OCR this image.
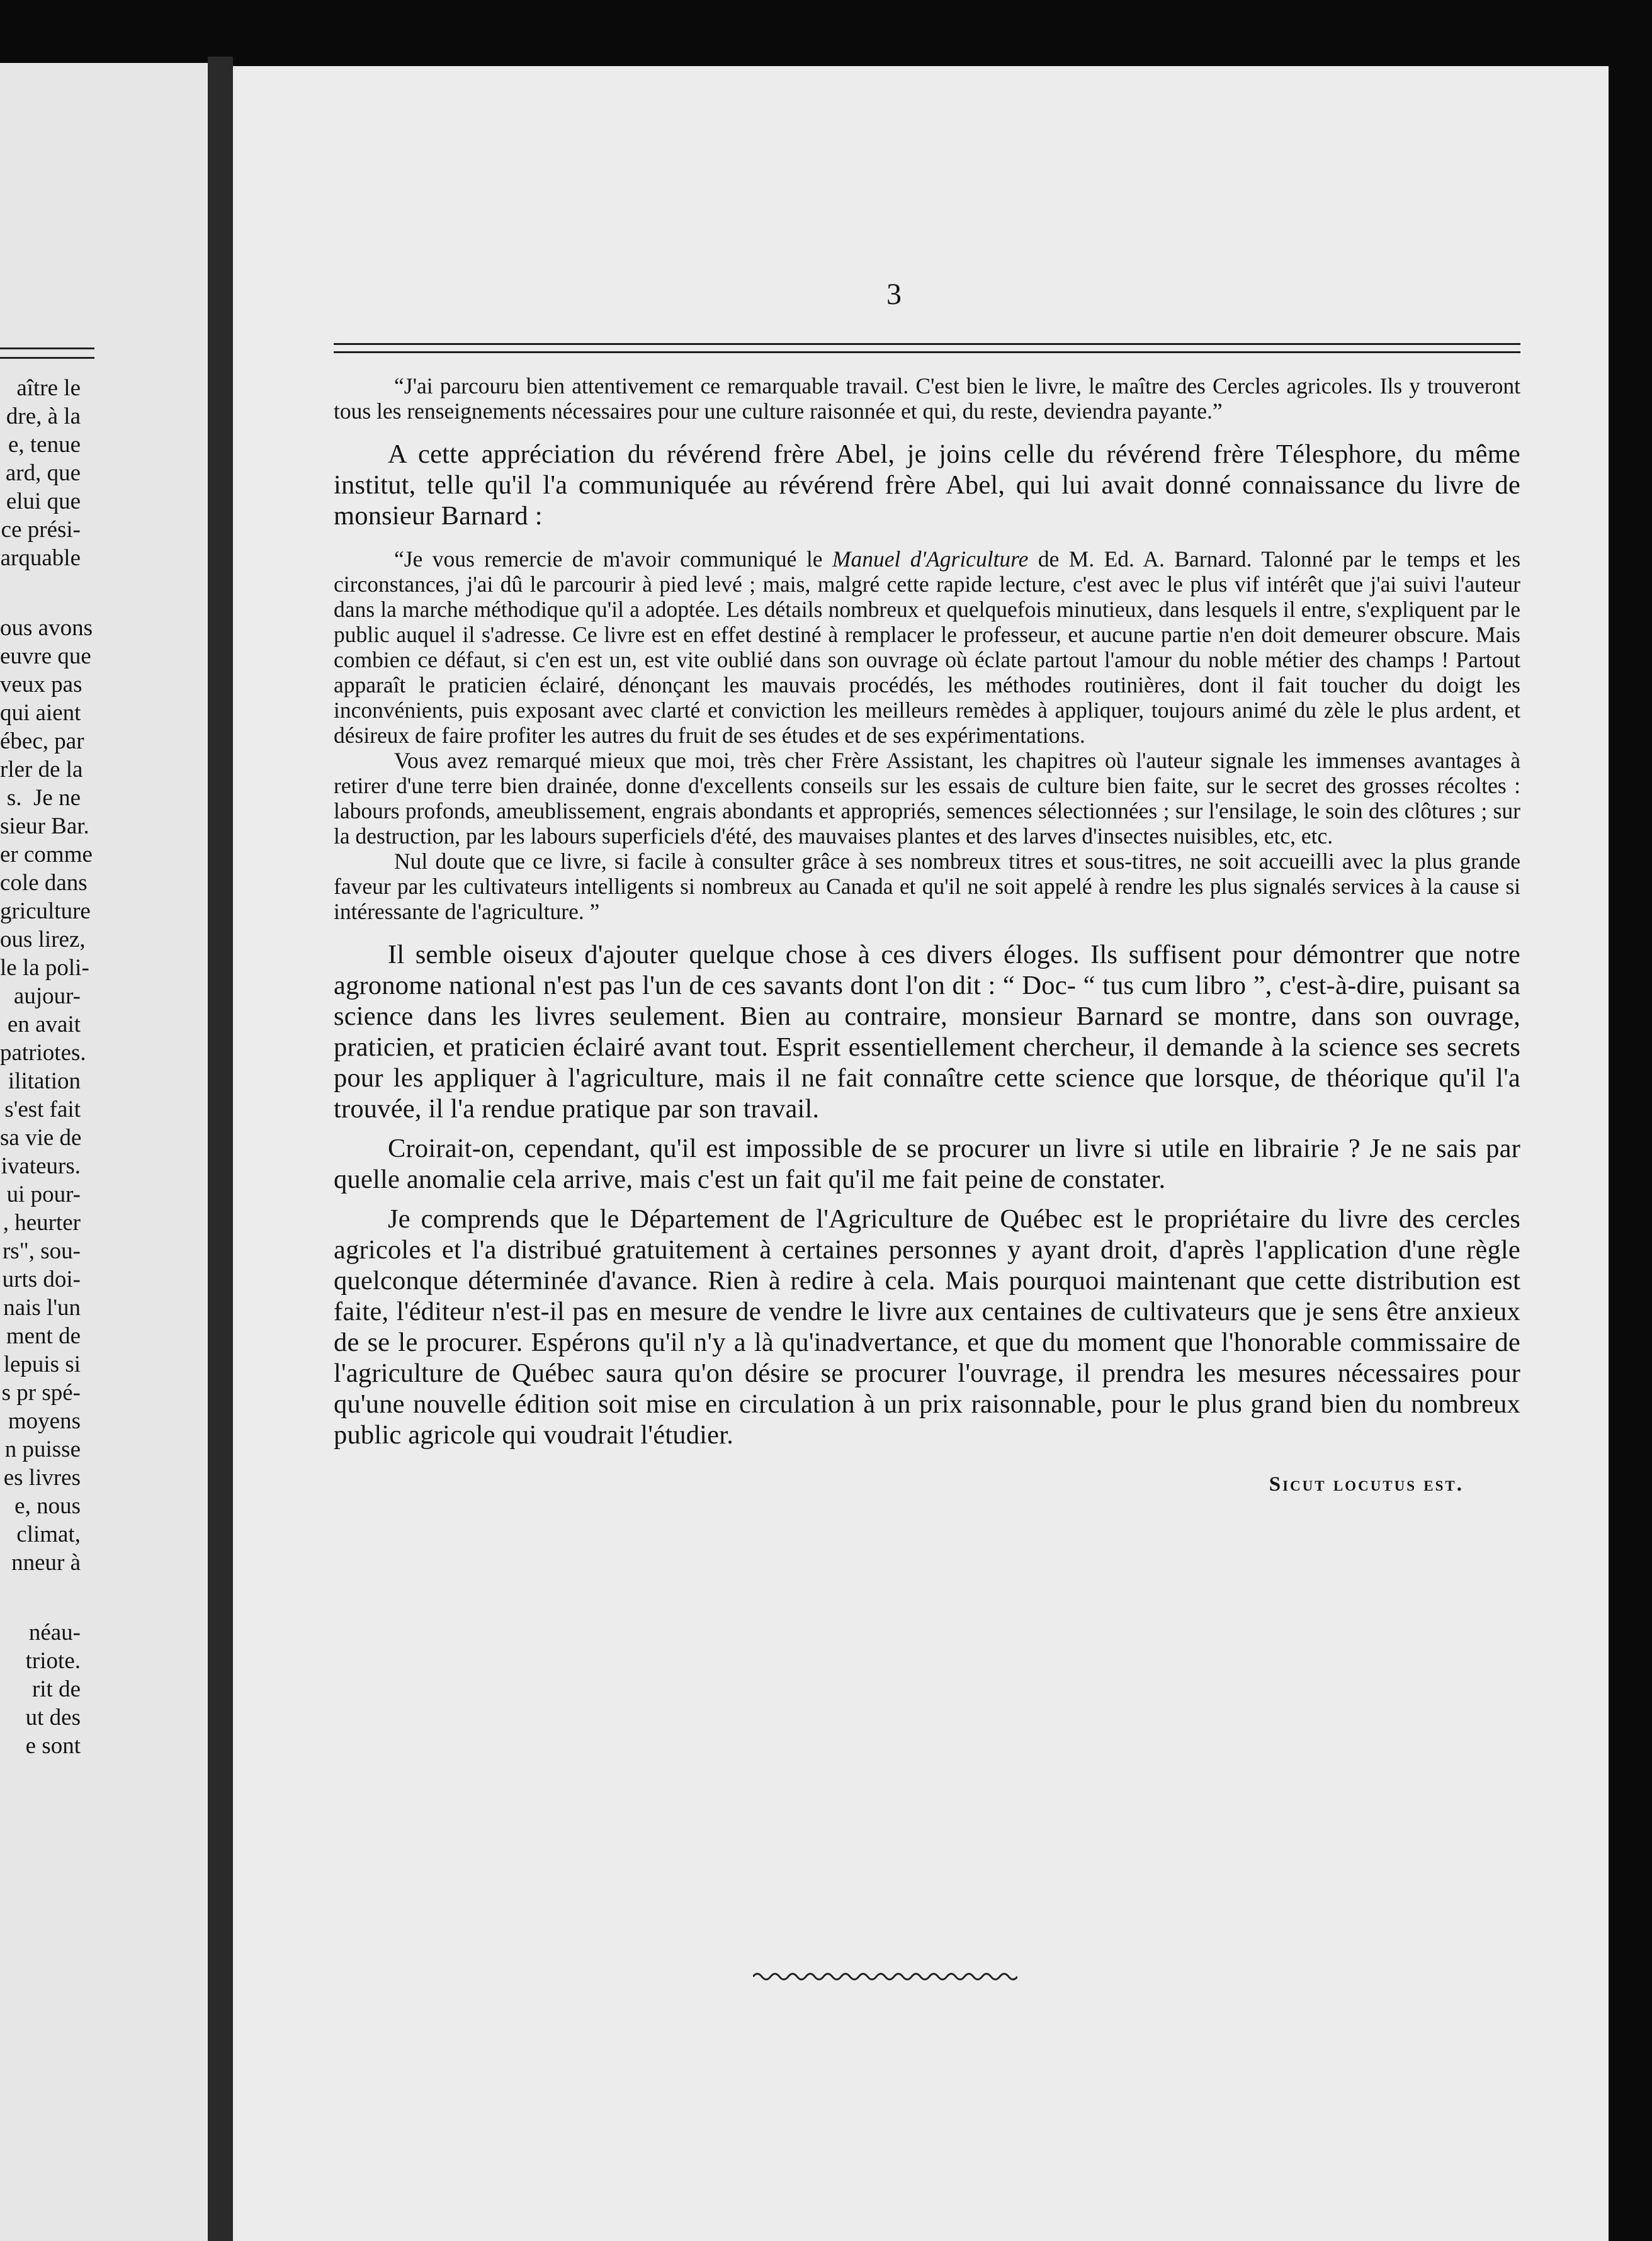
aître le
dre, à la
e, tenue
ard, que
elui que
ce prési-
arquable
ous avons
euvre que
veux pas
qui aient
ébec, par
rler de la
s.  Je ne
sieur Bar.
er comme
cole dans
griculture
ous lirez,
le la poli-
aujour-
en avait
patriotes.
ilitation
s'est fait
sa vie de
ivateurs.
ui pour-
, heurter
rs", sou-
urts doi-
nais l'un
ment de
lepuis si
s pr spé-
moyens
n puisse
es livres
e, nous
climat,
nneur à
néau-
triote.
rit de
ut des
e sont
3

“J'ai parcouru bien attentivement ce remarquable travail. C'est bien le livre, le maître des Cercles agricoles. Ils y trouveront tous les renseignements nécessaires pour une culture raisonnée et qui, du reste, deviendra payante.”

A cette appréciation du révérend frère Abel, je joins celle du révérend frère Télesphore, du même institut, telle qu'il l'a communiquée au révérend frère Abel, qui lui avait donné connaissance du livre de monsieur Barnard :

“Je vous remercie de m'avoir communiqué le Manuel d'Agriculture de M. Ed. A. Barnard. Talonné par le temps et les circonstances, j'ai dû le parcourir à pied levé ; mais, malgré cette rapide lecture, c'est avec le plus vif intérêt que j'ai suivi l'auteur dans la marche méthodique qu'il a adoptée. Les détails nombreux et quelquefois minutieux, dans lesquels il entre, s'expliquent par le public auquel il s'adresse. Ce livre est en effet destiné à remplacer le professeur, et aucune partie n'en doit demeurer obscure. Mais combien ce défaut, si c'en est un, est vite oublié dans son ouvrage où éclate partout l'amour du noble métier des champs ! Partout apparaît le praticien éclairé, dénonçant les mauvais procédés, les méthodes routinières, dont il fait toucher du doigt les inconvénients, puis exposant avec clarté et conviction les meilleurs remèdes à appliquer, toujours animé du zèle le plus ardent, et désireux de faire profiter les autres du fruit de ses études et de ses expérimentations.

Vous avez remarqué mieux que moi, très cher Frère Assistant, les chapitres où l'auteur signale les immenses avantages à retirer d'une terre bien drainée, donne d'excellents conseils sur les essais de culture bien faite, sur le secret des grosses récoltes : labours profonds, ameublissement, engrais abondants et appropriés, semences sélectionnées ; sur l'ensilage, le soin des clôtures ; sur la destruction, par les labours superficiels d'été, des mauvaises plantes et des larves d'insectes nuisibles, etc, etc.

Nul doute que ce livre, si facile à consulter grâce à ses nombreux titres et sous-titres, ne soit accueilli avec la plus grande faveur par les cultivateurs intelligents si nombreux au Canada et qu'il ne soit appelé à rendre les plus signalés services à la cause si intéressante de l'agriculture. ”

Il semble oiseux d'ajouter quelque chose à ces divers éloges. Ils suffisent pour démontrer que notre agronome national n'est pas l'un de ces savants dont l'on dit : “ Doc- “ tus cum libro ”, c'est-à-dire, puisant sa science dans les livres seulement. Bien au contraire, monsieur Barnard se montre, dans son ouvrage, praticien, et praticien éclairé avant tout. Esprit essentiellement chercheur, il demande à la science ses secrets pour les appliquer à l'agriculture, mais il ne fait connaître cette science que lorsque, de théorique qu'il l'a trouvée, il l'a rendue pratique par son travail.

Croirait-on, cependant, qu'il est impossible de se procurer un livre si utile en librairie ? Je ne sais par quelle anomalie cela arrive, mais c'est un fait qu'il me fait peine de constater.

Je comprends que le Département de l'Agriculture de Québec est le propriétaire du livre des cercles agricoles et l'a distribué gratuitement à certaines personnes y ayant droit, d'après l'application d'une règle quelconque déterminée d'avance. Rien à redire à cela. Mais pourquoi maintenant que cette distribution est faite, l'éditeur n'est-il pas en mesure de vendre le livre aux centaines de cultivateurs que je sens être anxieux de se le procurer. Espérons qu'il n'y a là qu'inadvertance, et que du moment que l'honorable commissaire de l'agriculture de Québec saura qu'on désire se procurer l'ouvrage, il prendra les mesures nécessaires pour qu'une nouvelle édition soit mise en circulation à un prix raisonnable, pour le plus grand bien du nombreux public agricole qui voudrait l'étudier.

Sicut locutus est.
